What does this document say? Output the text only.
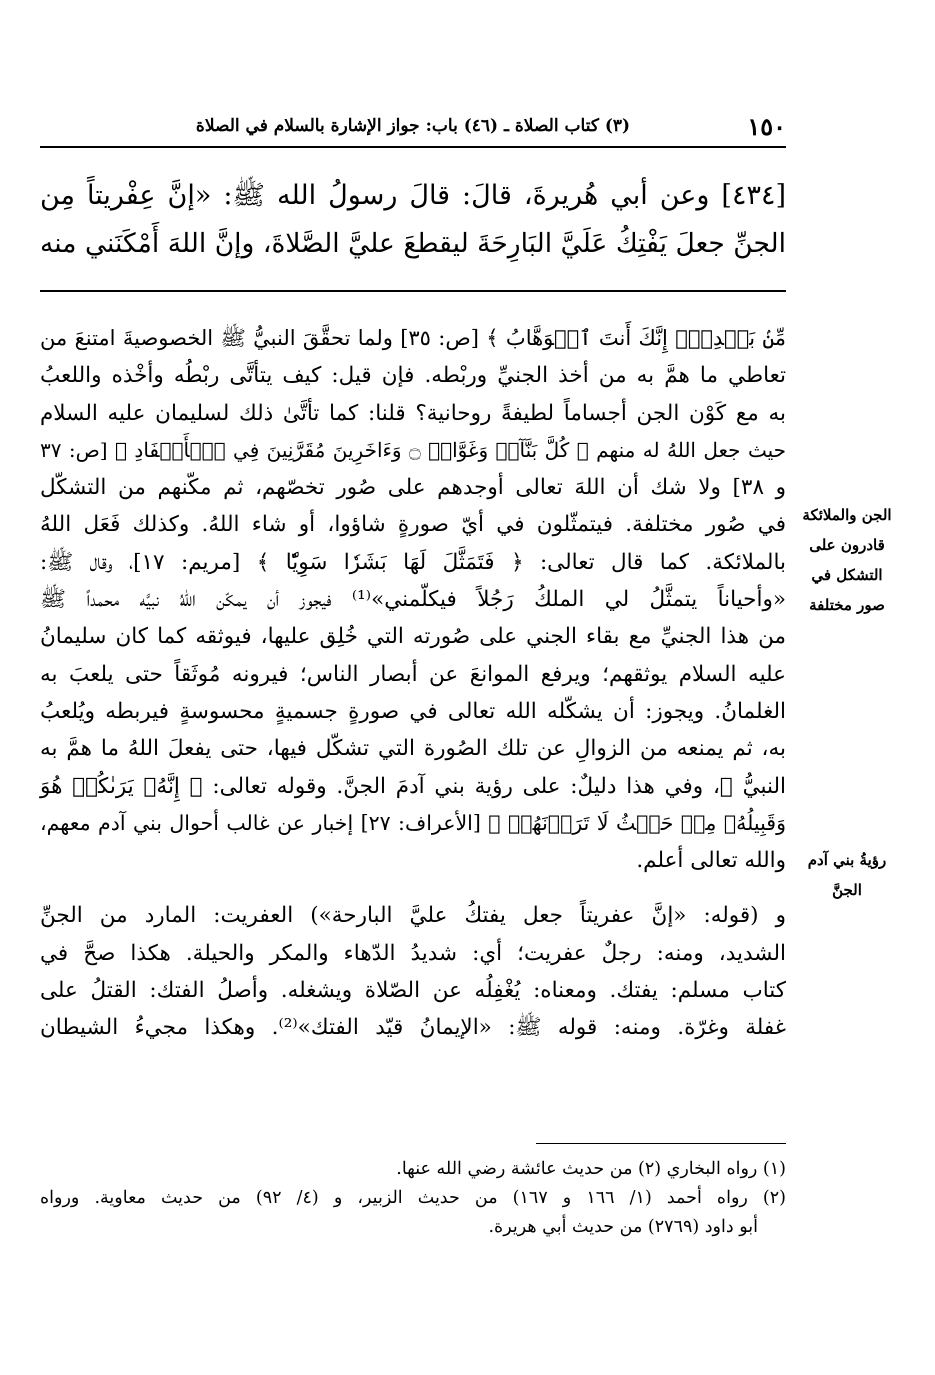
١٥٠
(٣) كتاب الصلاة ـ (٤٦) باب: جواز الإشارة بالسلام في الصلاة
[٤٣٤] وعن أبي هُريرةَ، قالَ: قالَ رسولُ الله ﷺ: «إنَّ عِفْريتاً مِن
الجنِّ جعلَ يَفْتِكُ عَلَيَّ البَارِحَةَ ليقطعَ عليَّ الصَّلاةَ، وإنَّ اللهَ أَمْكَنَني منه
مِّنۢ بَعۡدِيٓۖ إِنَّكَ أَنتَ ٱلۡوَهَّابُ ﴾ [ص: ٣٥] ولما تحقَّقَ النبيُّ ﷺ الخصوصيةَ امتنعَ من
تعاطي ما همَّ به من أخذ الجنيِّ وربْطه. فإن قيل: كيف يتأتَّى ربْطُه وأخْذه واللعبُ
به مع كَوْن الجن أجساماً لطيفةً روحانية؟ قلنا: كما تأتَّىٰ ذلك لسليمان عليه السلام
حيث جعل اللهُ له منهم ﴿ كُلَّ بَنَّآءٖ وَغَوَّاصٖ ۝ وَءَاخَرِينَ مُقَرَّنِينَ فِي ٱلۡأَصۡفَادِ ﴾ [ص: ٣٧
و ٣٨] ولا شك أن اللهَ تعالى أوجدهم على صُور تخصّهم، ثم مكّنهم من التشكّل
في صُور مختلفة. فيتمثّلون في أيّ صورةٍ شاؤوا، أو شاء اللهُ. وكذلك فَعَل اللهُ
بالملائكة. كما قال تعالى: ﴿ فَتَمَثَّلَ لَهَا بَشَرٗا سَوِيّٗا ﴾ [مريم: ١٧]، وقال ﷺ:
«وأحياناً يتمثَّلُ لي الملكُ رَجُلاً فيكلّمني»⁽¹⁾ فيجوز أن يمكّن اللهُ نبيَّه محمداً ﷺ
من هذا الجنيِّ مع بقاء الجني على صُورته التي خُلِق عليها، فيوثقه كما كان سليمانُ
عليه السلام يوثقهم؛ ويرفع الموانعَ عن أبصار الناس؛ فيرونه مُوثَقاً حتى يلعبَ به
الغلمانُ. ويجوز: أن يشكّله الله تعالى في صورةٍ جسميةٍ محسوسةٍ فيربطه ويُلعبُ
به، ثم يمنعه من الزوالِ عن تلك الصُورة التي تشكّل فيها، حتى يفعلَ اللهُ ما همَّ به
النبيُّ ﷺ، وفي هذا دليلٌ: على رؤية بني آدمَ الجنَّ. وقوله تعالى: ﴿ إِنَّهُۥ يَرَىٰكُمۡ هُوَ
وَقَبِيلُهُۥ مِنۡ حَيۡثُ لَا تَرَوۡنَهُمۡ ﴾ [الأعراف: ٢٧] إخبار عن غالب أحوال بني آدم معهم،
والله تعالى أعلم.
و (قوله: «إنَّ عفريتاً جعل يفتكُ عليَّ البارحة») العفريت: المارد من الجنِّ
الشديد، ومنه: رجلٌ عفريت؛ أي: شديدُ الدّهاء والمكر والحيلة. هكذا صحَّ في
كتاب مسلم: يفتك. ومعناه: يُغْفِلُه عن الصّلاة ويشغله. وأصلُ الفتك: القتلُ على
غفلة وغرّة. ومنه: قوله ﷺ: «الإيمانُ قيّد الفتك»⁽²⁾. وهكذا مجيءُ الشيطان
الجن والملائكة
قادرون على
التشكل في
صور مختلفة
رؤيةُ بني آدم
الجنَّ
(١) رواه البخاري (٢) من حديث عائشة رضي الله عنها.
(٢) رواه أحمد (١/ ١٦٦ و ١٦٧) من حديث الزبير، و (٤/ ٩٢) من حديث معاوية. ورواه
أبو داود (٢٧٦٩) من حديث أبي هريرة.
